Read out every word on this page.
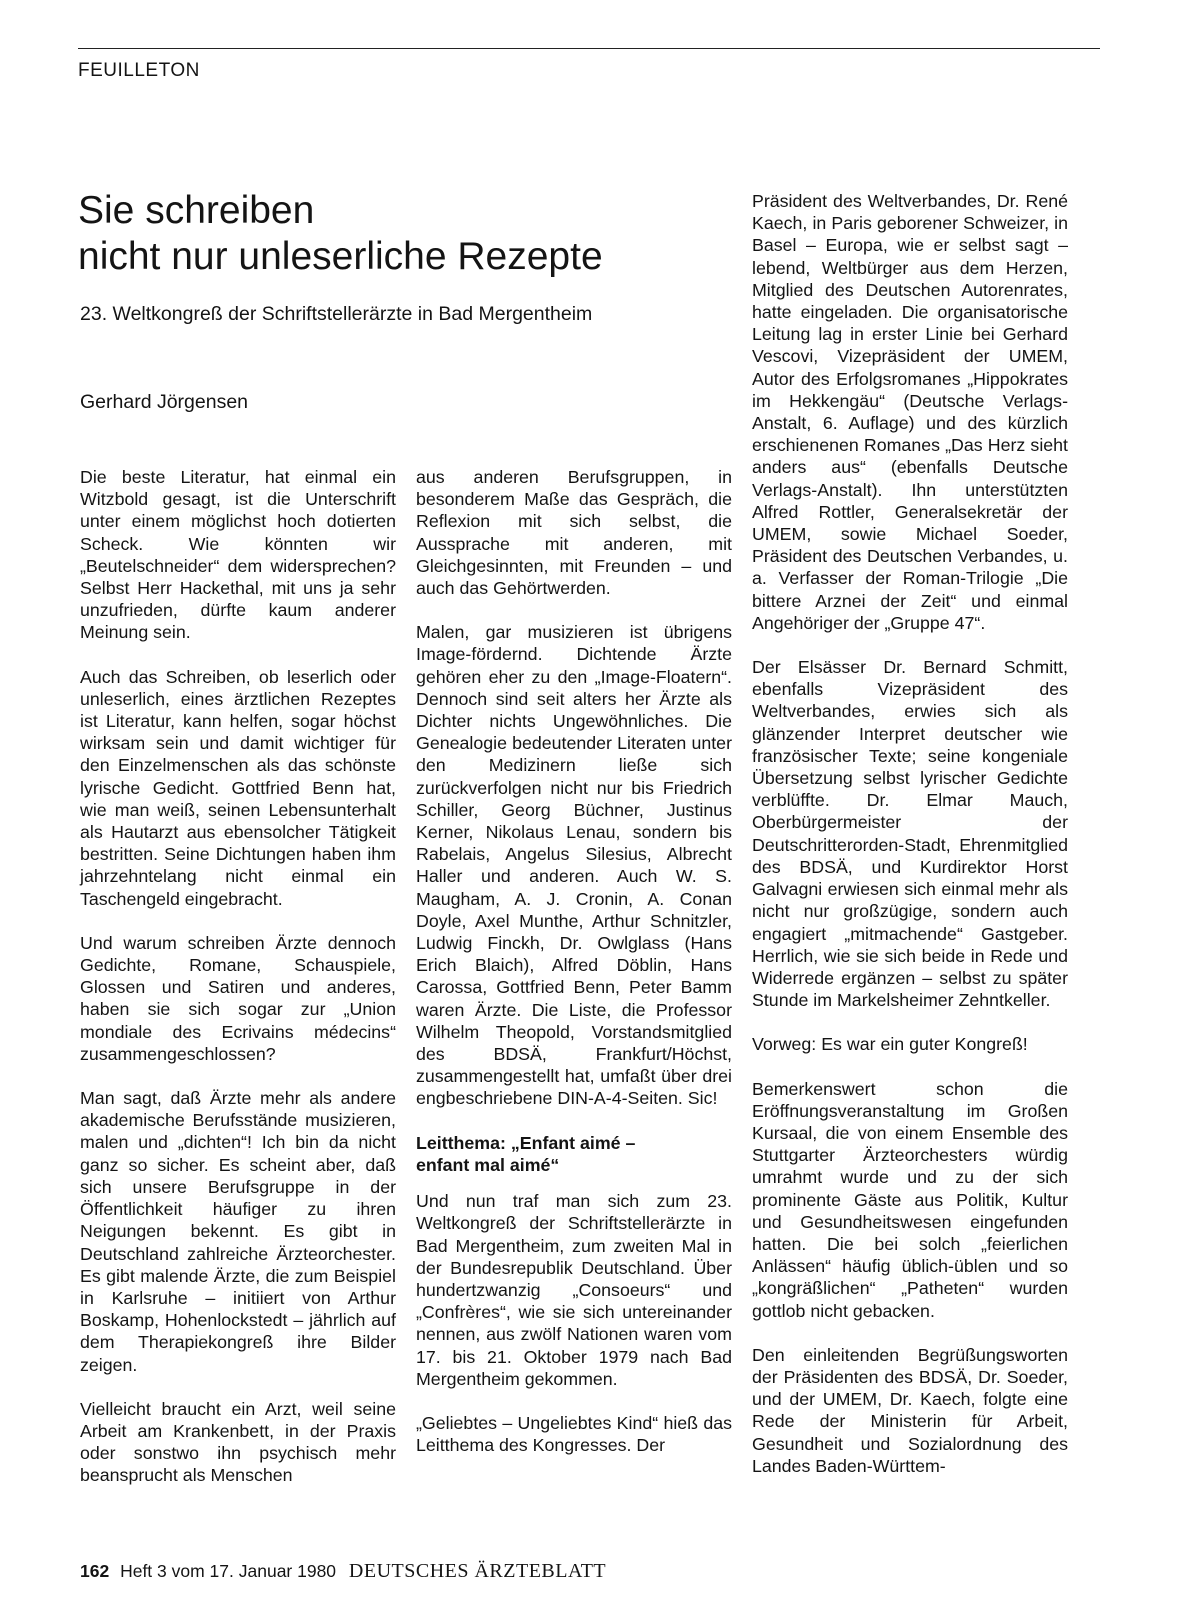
FEUILLETON
Sie schreiben
nicht nur unleserliche Rezepte
23. Weltkongreß der Schriftstellerärzte in Bad Mergentheim
Gerhard Jörgensen

Die beste Literatur, hat einmal ein Witzbold gesagt, ist die Unterschrift unter einem möglichst hoch dotierten Scheck. Wie könnten wir „Beutelschneider“ dem widersprechen? Selbst Herr Hackethal, mit uns ja sehr unzufrieden, dürfte kaum anderer Meinung sein.

Auch das Schreiben, ob leserlich oder unleserlich, eines ärztlichen Rezeptes ist Literatur, kann helfen, sogar höchst wirksam sein und damit wichtiger für den Einzelmenschen als das schönste lyrische Gedicht. Gottfried Benn hat, wie man weiß, seinen Lebensunterhalt als Hautarzt aus ebensolcher Tätigkeit bestritten. Seine Dichtungen haben ihm jahrzehntelang nicht einmal ein Taschengeld eingebracht.

Und warum schreiben Ärzte dennoch Gedichte, Romane, Schauspiele, Glossen und Satiren und anderes, haben sie sich sogar zur „Union mondiale des Ecrivains médecins“ zusammengeschlossen?

Man sagt, daß Ärzte mehr als andere akademische Berufsstände musizieren, malen und „dichten“! Ich bin da nicht ganz so sicher. Es scheint aber, daß sich unsere Berufsgruppe in der Öffentlichkeit häufiger zu ihren Neigungen bekennt. Es gibt in Deutschland zahlreiche Ärzteorchester. Es gibt malende Ärzte, die zum Beispiel in Karlsruhe – initiiert von Arthur Boskamp, Hohenlockstedt – jährlich auf dem Therapiekongreß ihre Bilder zeigen.

Vielleicht braucht ein Arzt, weil seine Arbeit am Krankenbett, in der Praxis oder sonstwo ihn psychisch mehr beansprucht als Menschen

aus anderen Berufsgruppen, in besonderem Maße das Gespräch, die Reflexion mit sich selbst, die Aussprache mit anderen, mit Gleichgesinnten, mit Freunden – und auch das Gehörtwerden.

Malen, gar musizieren ist übrigens Image-fördernd. Dichtende Ärzte gehören eher zu den „Image-Floatern“. Dennoch sind seit alters her Ärzte als Dichter nichts Ungewöhnliches. Die Genealogie bedeutender Literaten unter den Medizinern ließe sich zurückverfolgen nicht nur bis Friedrich Schiller, Georg Büchner, Justinus Kerner, Nikolaus Lenau, sondern bis Rabelais, Angelus Silesius, Albrecht Haller und anderen. Auch W. S. Maugham, A. J. Cronin, A. Conan Doyle, Axel Munthe, Arthur Schnitzler, Ludwig Finckh, Dr. Owlglass (Hans Erich Blaich), Alfred Döblin, Hans Carossa, Gottfried Benn, Peter Bamm waren Ärzte. Die Liste, die Professor Wilhelm Theopold, Vorstandsmitglied des BDSÄ, Frankfurt/Höchst, zusammengestellt hat, umfaßt über drei engbeschriebene DIN-A-4-Seiten. Sic!

Leitthema: „Enfant aimé –
enfant mal aimé“

Und nun traf man sich zum 23. Weltkongreß der Schriftstellerärzte in Bad Mergentheim, zum zweiten Mal in der Bundesrepublik Deutschland. Über hundertzwanzig „Consoeurs“ und „Confrères“, wie sie sich untereinander nennen, aus zwölf Nationen waren vom 17. bis 21. Oktober 1979 nach Bad Mergentheim gekommen.

„Geliebtes – Ungeliebtes Kind“ hieß das Leitthema des Kongresses. Der

Präsident des Weltverbandes, Dr. René Kaech, in Paris geborener Schweizer, in Basel – Europa, wie er selbst sagt – lebend, Weltbürger aus dem Herzen, Mitglied des Deutschen Autorenrates, hatte eingeladen. Die organisatorische Leitung lag in erster Linie bei Gerhard Vescovi, Vizepräsident der UMEM, Autor des Erfolgsromanes „Hippokrates im Hekkengäu“ (Deutsche Verlags-Anstalt, 6. Auflage) und des kürzlich erschienenen Romanes „Das Herz sieht anders aus“ (ebenfalls Deutsche Verlags-Anstalt). Ihn unterstützten Alfred Rottler, Generalsekretär der UMEM, sowie Michael Soeder, Präsident des Deutschen Verbandes, u. a. Verfasser der Roman-Trilogie „Die bittere Arznei der Zeit“ und einmal Angehöriger der „Gruppe 47“.

Der Elsässer Dr. Bernard Schmitt, ebenfalls Vizepräsident des Weltverbandes, erwies sich als glänzender Interpret deutscher wie französischer Texte; seine kongeniale Übersetzung selbst lyrischer Gedichte verblüffte. Dr. Elmar Mauch, Oberbürgermeister der Deutschritterorden-Stadt, Ehrenmitglied des BDSÄ, und Kurdirektor Horst Galvagni erwiesen sich einmal mehr als nicht nur großzügige, sondern auch engagiert „mitmachende“ Gastgeber. Herrlich, wie sie sich beide in Rede und Widerrede ergänzen – selbst zu später Stunde im Markelsheimer Zehntkeller.

Vorweg: Es war ein guter Kongreß!

Bemerkenswert schon die Eröffnungsveranstaltung im Großen Kursaal, die von einem Ensemble des Stuttgarter Ärzteorchesters würdig umrahmt wurde und zu der sich prominente Gäste aus Politik, Kultur und Gesundheitswesen eingefunden hatten. Die bei solch „feierlichen Anlässen“ häufig üblich-üblen und so „kongräßlichen“ „Patheten“ wurden gottlob nicht gebacken.

Den einleitenden Begrüßungsworten der Präsidenten des BDSÄ, Dr. Soeder, und der UMEM, Dr. Kaech, folgte eine Rede der Ministerin für Arbeit, Gesundheit und Sozialordnung des Landes Baden-Württem-

162 Heft 3 vom 17. Januar 1980 DEUTSCHES ÄRZTEBLATT
